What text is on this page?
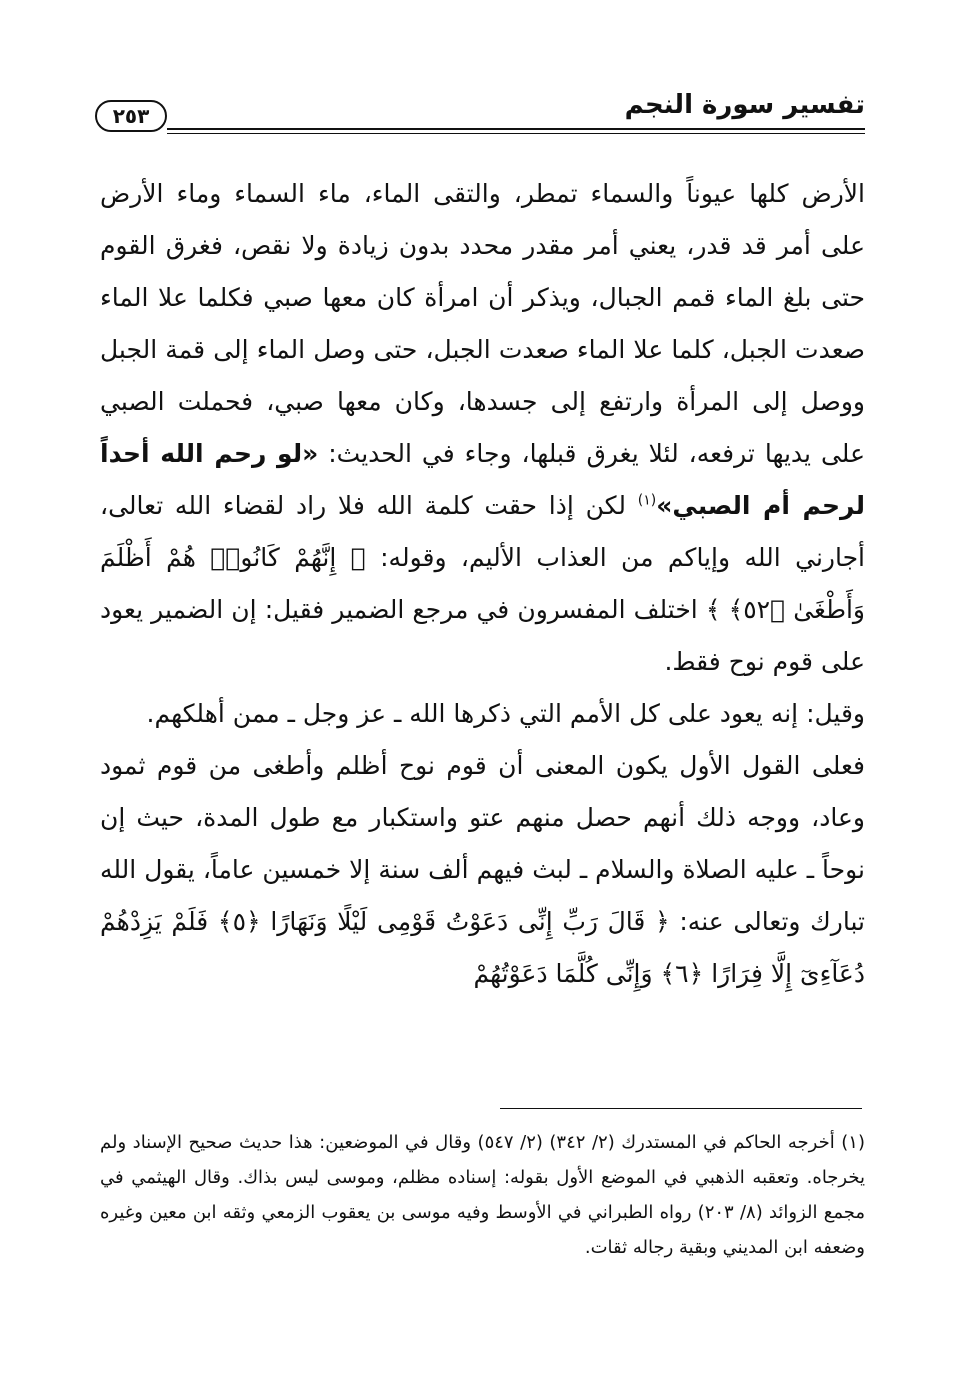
تفسير سورة النجم
٢٥٣

الأرض كلها عيوناً والسماء تمطر، والتقى الماء، ماء السماء وماء الأرض على أمر قد قدر، يعني أمر مقدر محدد بدون زيادة ولا نقص، فغرق القوم حتى بلغ الماء قمم الجبال، ويذكر أن امرأة كان معها صبي فكلما علا الماء صعدت الجبل، كلما علا الماء صعدت الجبل، حتى وصل الماء إلى قمة الجبل ووصل إلى المرأة وارتفع إلى جسدها، وكان معها صبي، فحملت الصبي على يديها ترفعه، لئلا يغرق قبلها، وجاء في الحديث: «لو رحم الله أحداً لرحم أم الصبي»$^{(١)}$ لكن إذا حقت كلمة الله فلا راد لقضاء الله تعالى، أجارني الله وإياكم من العذاب الأليم، وقوله: ﴿ إِنَّهُمْ كَانُوا۟ هُمْ أَظْلَمَ وَأَطْغَىٰ ﴿٥٢﴾ ﴾ اختلف المفسرون في مرجع الضمير فقيل: إن الضمير يعود على قوم نوح فقط.

وقيل: إنه يعود على كل الأمم التي ذكرها الله ـ عز وجل ـ ممن أهلكهم.

فعلى القول الأول يكون المعنى أن قوم نوح أظلم وأطغى من قوم ثمود وعاد، ووجه ذلك أنهم حصل منهم عتو واستكبار مع طول المدة، حيث إن نوحاً ـ عليه الصلاة والسلام ـ لبث فيهم ألف سنة إلا خمسين عاماً، يقول الله تبارك وتعالى عنه: ﴿ قَالَ رَبِّ إِنِّى دَعَوْتُ قَوْمِى لَيْلًا وَنَهَارًا ﴿٥﴾ فَلَمْ يَزِدْهُمْ دُعَآءِىٓ إِلَّا فِرَارًا ﴿٦﴾ وَإِنِّى كُلَّمَا دَعَوْتُهُمْ

(١) أخرجه الحاكم في المستدرك (٢/ ٣٤٢) (٢/ ٥٤٧) وقال في الموضعين: هذا حديث صحيح الإسناد ولم يخرجاه. وتعقبه الذهبي في الموضع الأول بقوله: إسناده مظلم، وموسى ليس بذاك. وقال الهيثمي في مجمع الزوائد (٨/ ٢٠٣) رواه الطبراني في الأوسط وفيه موسى بن يعقوب الزمعي وثقه ابن معين وغيره وضعفه ابن المديني وبقية رجاله ثقات.
